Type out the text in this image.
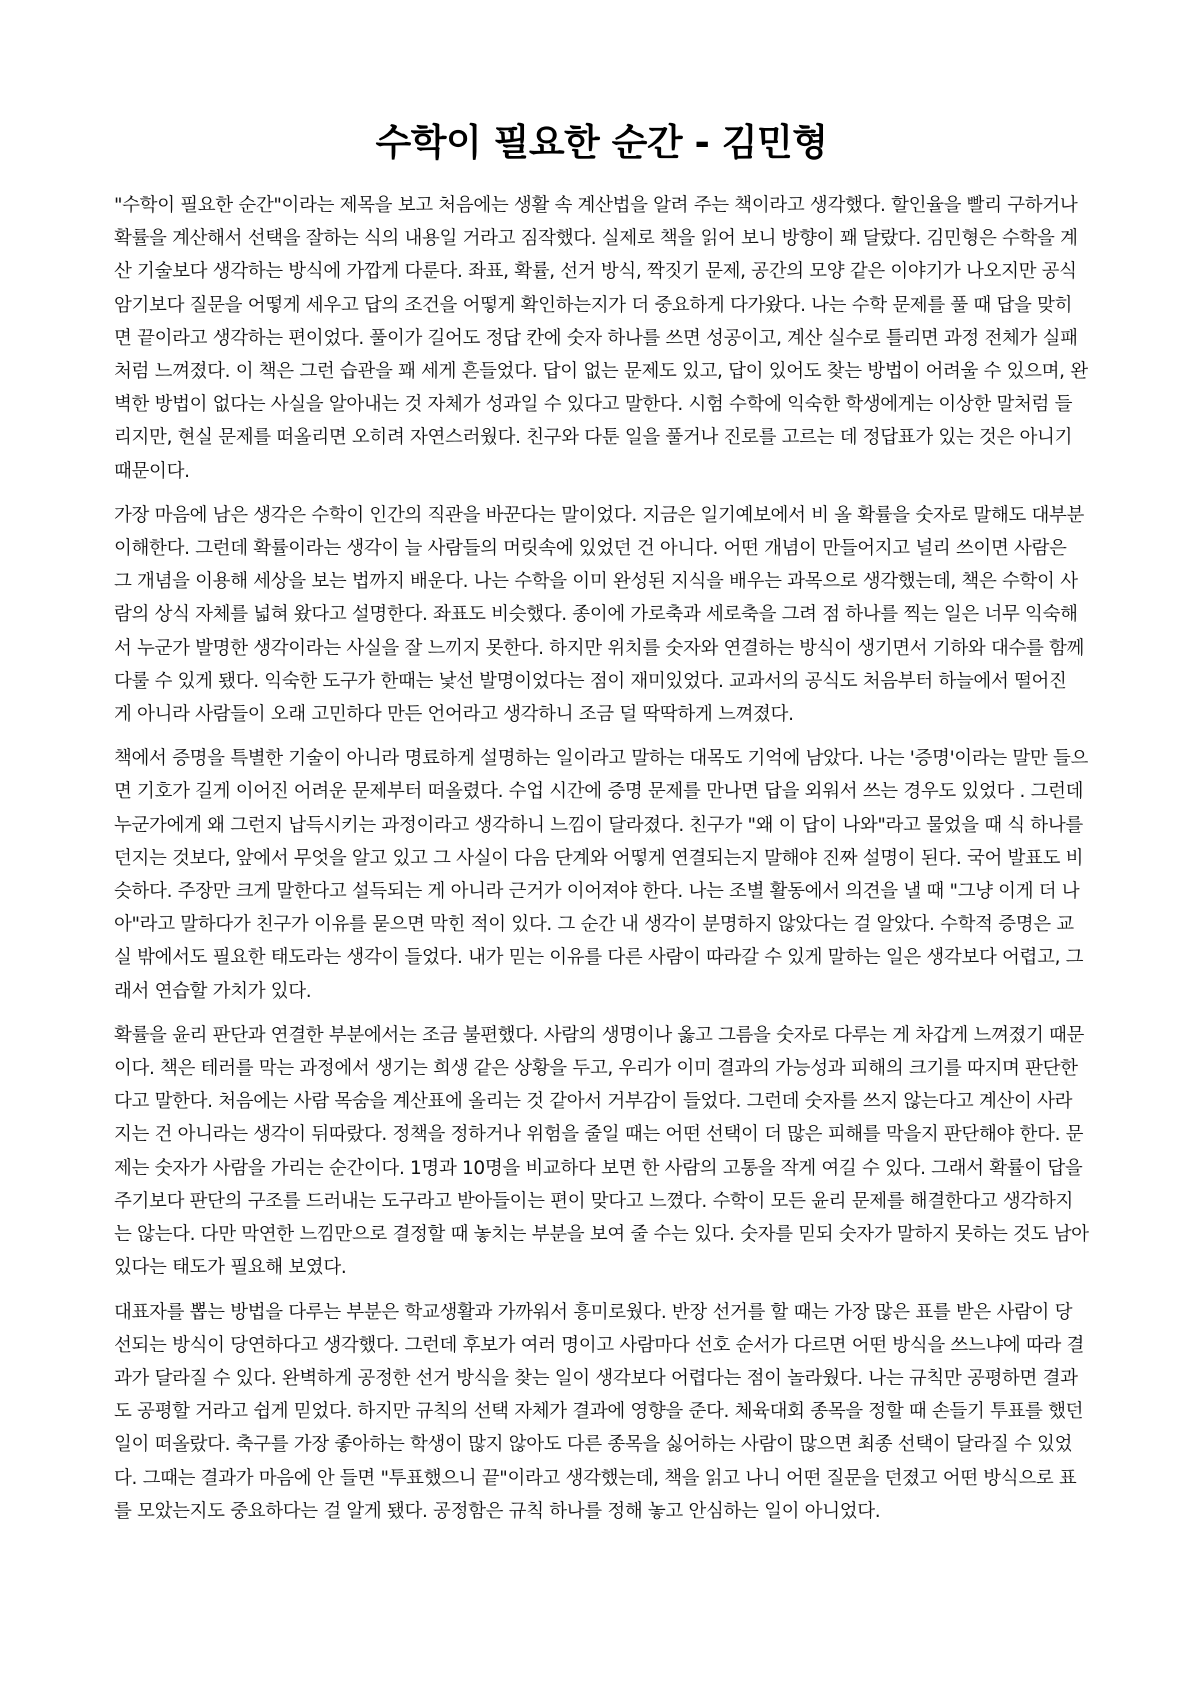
수학이 필요한 순간 - 김민형

"수학이 필요한 순간"이라는 제목을 보고 처음에는 생활 속 계산법을 알려 주는 책이라고 생각했다. 할인율을 빨리 구하거나 확률을 계산해서 선택을 잘하는 식의 내용일 거라고 짐작했다. 실제로 책을 읽어 보니 방향이 꽤 달랐다. 김민형은 수학을 계산 기술보다 생각하는 방식에 가깝게 다룬다. 좌표, 확률, 선거 방식, 짝짓기 문제, 공간의 모양 같은 이야기가 나오지만 공식 암기보다 질문을 어떻게 세우고 답의 조건을 어떻게 확인하는지가 더 중요하게 다가왔다. 나는 수학 문제를 풀 때 답을 맞히면 끝이라고 생각하는 편이었다. 풀이가 길어도 정답 칸에 숫자 하나를 쓰면 성공이고, 계산 실수로 틀리면 과정 전체가 실패처럼 느껴졌다. 이 책은 그런 습관을 꽤 세게 흔들었다. 답이 없는 문제도 있고, 답이 있어도 찾는 방법이 어려울 수 있으며, 완벽한 방법이 없다는 사실을 알아내는 것 자체가 성과일 수 있다고 말한다. 시험 수학에 익숙한 학생에게는 이상한 말처럼 들리지만, 현실 문제를 떠올리면 오히려 자연스러웠다. 친구와 다툰 일을 풀거나 진로를 고르는 데 정답표가 있는 것은 아니기 때문이다.

가장 마음에 남은 생각은 수학이 인간의 직관을 바꾼다는 말이었다. 지금은 일기예보에서 비 올 확률을 숫자로 말해도 대부분 이해한다. 그런데 확률이라는 생각이 늘 사람들의 머릿속에 있었던 건 아니다. 어떤 개념이 만들어지고 널리 쓰이면 사람은 그 개념을 이용해 세상을 보는 법까지 배운다. 나는 수학을 이미 완성된 지식을 배우는 과목으로 생각했는데, 책은 수학이 사람의 상식 자체를 넓혀 왔다고 설명한다. 좌표도 비슷했다. 종이에 가로축과 세로축을 그려 점 하나를 찍는 일은 너무 익숙해서 누군가 발명한 생각이라는 사실을 잘 느끼지 못한다. 하지만 위치를 숫자와 연결하는 방식이 생기면서 기하와 대수를 함께 다룰 수 있게 됐다. 익숙한 도구가 한때는 낯선 발명이었다는 점이 재미있었다. 교과서의 공식도 처음부터 하늘에서 떨어진 게 아니라 사람들이 오래 고민하다 만든 언어라고 생각하니 조금 덜 딱딱하게 느껴졌다.

책에서 증명을 특별한 기술이 아니라 명료하게 설명하는 일이라고 말하는 대목도 기억에 남았다. 나는 '증명'이라는 말만 들으면 기호가 길게 이어진 어려운 문제부터 떠올렸다. 수업 시간에 증명 문제를 만나면 답을 외워서 쓰는 경우도 있었다 . 그런데 누군가에게 왜 그런지 납득시키는 과정이라고 생각하니 느낌이 달라졌다. 친구가 "왜 이 답이 나와"라고 물었을 때 식 하나를 던지는 것보다, 앞에서 무엇을 알고 있고 그 사실이 다음 단계와 어떻게 연결되는지 말해야 진짜 설명이 된다. 국어 발표도 비슷하다. 주장만 크게 말한다고 설득되는 게 아니라 근거가 이어져야 한다. 나는 조별 활동에서 의견을 낼 때 "그냥 이게 더 나아"라고 말하다가 친구가 이유를 묻으면 막힌 적이 있다. 그 순간 내 생각이 분명하지 않았다는 걸 알았다. 수학적 증명은 교실 밖에서도 필요한 태도라는 생각이 들었다. 내가 믿는 이유를 다른 사람이 따라갈 수 있게 말하는 일은 생각보다 어렵고, 그래서 연습할 가치가 있다.

확률을 윤리 판단과 연결한 부분에서는 조금 불편했다. 사람의 생명이나 옳고 그름을 숫자로 다루는 게 차갑게 느껴졌기 때문이다. 책은 테러를 막는 과정에서 생기는 희생 같은 상황을 두고, 우리가 이미 결과의 가능성과 피해의 크기를 따지며 판단한다고 말한다. 처음에는 사람 목숨을 계산표에 올리는 것 같아서 거부감이 들었다. 그런데 숫자를 쓰지 않는다고 계산이 사라지는 건 아니라는 생각이 뒤따랐다. 정책을 정하거나 위험을 줄일 때는 어떤 선택이 더 많은 피해를 막을지 판단해야 한다. 문제는 숫자가 사람을 가리는 순간이다. 1명과 10명을 비교하다 보면 한 사람의 고통을 작게 여길 수 있다. 그래서 확률이 답을 주기보다 판단의 구조를 드러내는 도구라고 받아들이는 편이 맞다고 느꼈다. 수학이 모든 윤리 문제를 해결한다고 생각하지는 않는다. 다만 막연한 느낌만으로 결정할 때 놓치는 부분을 보여 줄 수는 있다. 숫자를 믿되 숫자가 말하지 못하는 것도 남아 있다는 태도가 필요해 보였다.

대표자를 뽑는 방법을 다루는 부분은 학교생활과 가까워서 흥미로웠다. 반장 선거를 할 때는 가장 많은 표를 받은 사람이 당선되는 방식이 당연하다고 생각했다. 그런데 후보가 여러 명이고 사람마다 선호 순서가 다르면 어떤 방식을 쓰느냐에 따라 결과가 달라질 수 있다. 완벽하게 공정한 선거 방식을 찾는 일이 생각보다 어렵다는 점이 놀라웠다. 나는 규칙만 공평하면 결과도 공평할 거라고 쉽게 믿었다. 하지만 규칙의 선택 자체가 결과에 영향을 준다. 체육대회 종목을 정할 때 손들기 투표를 했던 일이 떠올랐다. 축구를 가장 좋아하는 학생이 많지 않아도 다른 종목을 싫어하는 사람이 많으면 최종 선택이 달라질 수 있었다. 그때는 결과가 마음에 안 들면 "투표했으니 끝"이라고 생각했는데, 책을 읽고 나니 어떤 질문을 던졌고 어떤 방식으로 표를 모았는지도 중요하다는 걸 알게 됐다. 공정함은 규칙 하나를 정해 놓고 안심하는 일이 아니었다.
